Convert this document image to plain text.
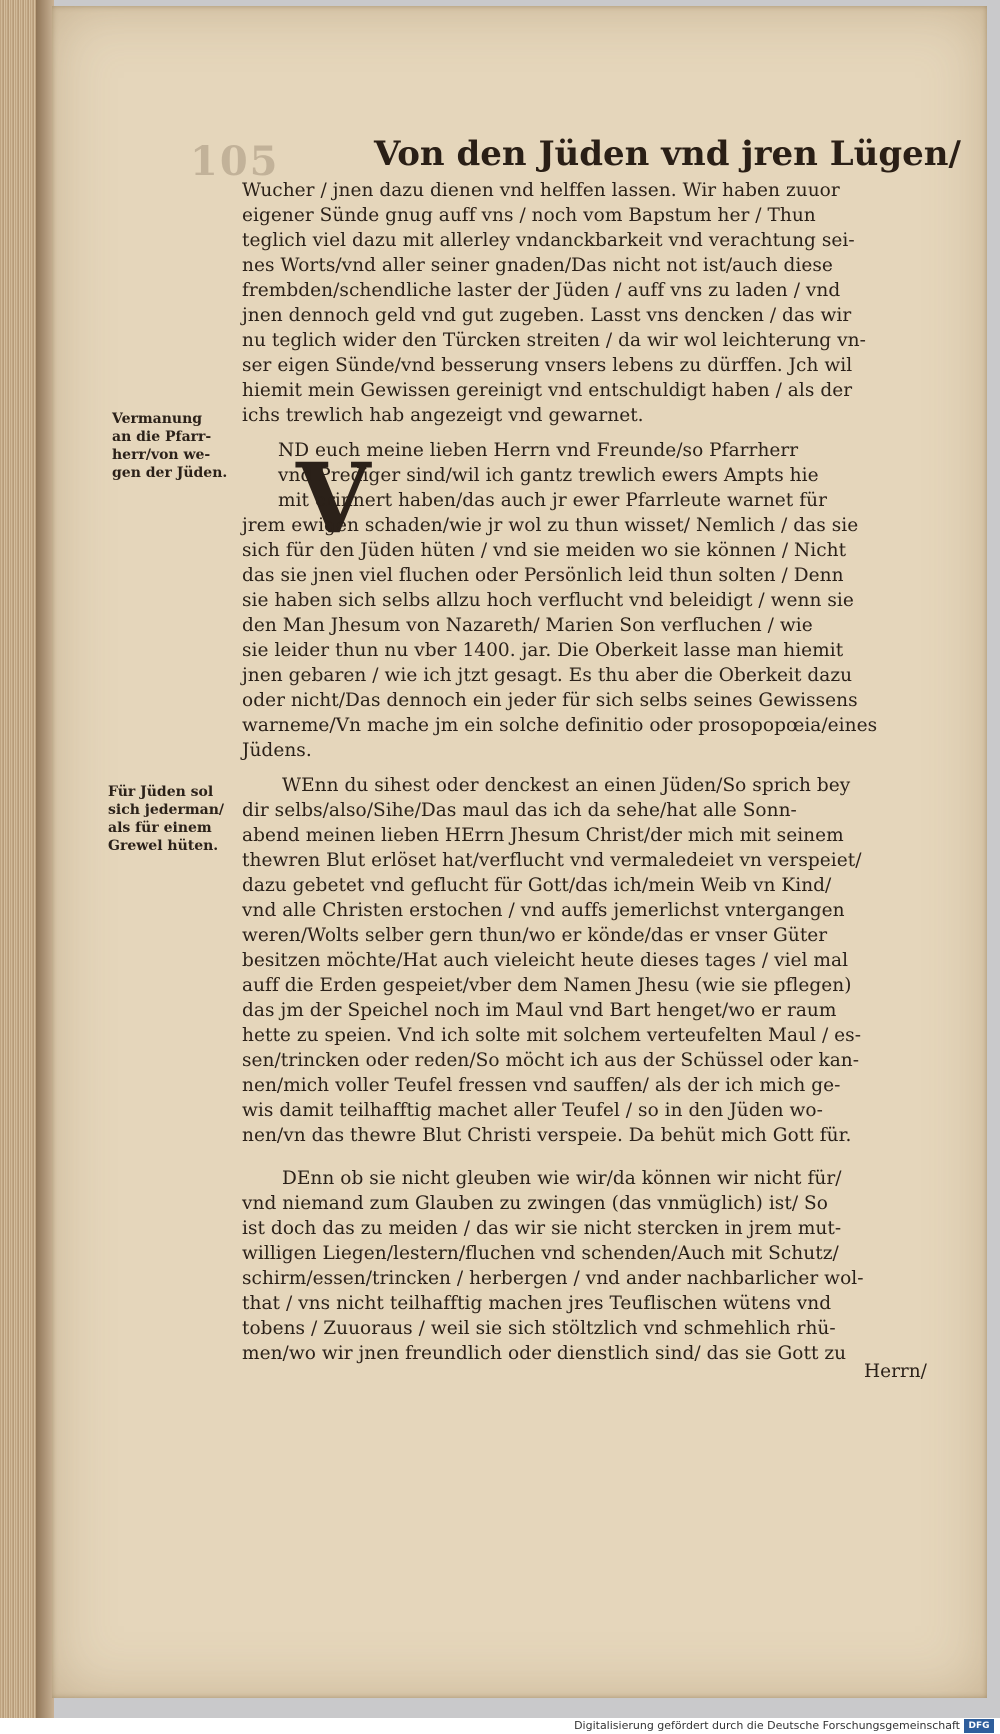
105	Von den Jüden vnd jren Lügen/
V
Vermanung
an die Pfarr-
herr/von we-
gen der Jüden.
Für Jüden sol
sich jederman/
als für einem
Grewel hüten.
Herrn/
Wucher / jnen dazu dienen vnd helffen lassen. Wir haben zuuor
eigener Sünde gnug auff vns / noch vom Bapstum her / Thun
teglich viel dazu mit allerley vndanckbarkeit vnd verachtung sei-
nes Worts/vnd aller seiner gnaden/Das nicht not ist/auch diese
frembden/schendliche laster der Jüden / auff vns zu laden / vnd
jnen dennoch geld vnd gut zugeben. Lasst vns dencken / das wir
nu teglich wider den Türcken streiten / da wir wol leichterung vn-
ser eigen Sünde/vnd besserung vnsers lebens zu dürffen. Jch wil
hiemit mein Gewissen gereinigt vnd entschuldigt haben / als der
ichs trewlich hab angezeigt vnd gewarnet.
ND euch meine lieben Herrn vnd Freunde/so Pfarrherr
vnd Prediger sind/wil ich gantz trewlich ewers Ampts hie
mit erinnert haben/das auch jr ewer Pfarrleute warnet für
jrem ewigen schaden/wie jr wol zu thun wisset/ Nemlich / das sie
sich für den Jüden hüten / vnd sie meiden wo sie können / Nicht
das sie jnen viel fluchen oder Persönlich leid thun solten / Denn
sie haben sich selbs allzu hoch verflucht vnd beleidigt / wenn sie
den Man Jhesum von Nazareth/ Marien Son verfluchen / wie
sie leider thun nu vber 1400. jar. Die Oberkeit lasse man hiemit
jnen gebaren / wie ich jtzt gesagt. Es thu aber die Oberkeit dazu
oder nicht/Das dennoch ein jeder für sich selbs seines Gewissens
warneme/Vn mache jm ein solche definitio oder prosopopœia/eines
Jüdens.
WEnn du sihest oder denckest an einen Jüden/So sprich bey
dir selbs/also/Sihe/Das maul das ich da sehe/hat alle Sonn-
abend meinen lieben HErrn Jhesum Christ/der mich mit seinem
thewren Blut erlöset hat/verflucht vnd vermaledeiet vn verspeiet/
dazu gebetet vnd geflucht für Gott/das ich/mein Weib vn Kind/
vnd alle Christen erstochen / vnd auffs jemerlichst vntergangen
weren/Wolts selber gern thun/wo er könde/das er vnser Güter
besitzen möchte/Hat auch vieleicht heute dieses tages / viel mal
auff die Erden gespeiet/vber dem Namen Jhesu (wie sie pflegen)
das jm der Speichel noch im Maul vnd Bart henget/wo er raum
hette zu speien. Vnd ich solte mit solchem verteufelten Maul / es-
sen/trincken oder reden/So möcht ich aus der Schüssel oder kan-
nen/mich voller Teufel fressen vnd sauffen/ als der ich mich ge-
wis damit teilhafftig machet aller Teufel / so in den Jüden wo-
nen/vn das thewre Blut Christi verspeie. Da behüt mich Gott für.
DEnn ob sie nicht gleuben wie wir/da können wir nicht für/
vnd niemand zum Glauben zu zwingen (das vnmüglich) ist/ So
ist doch das zu meiden / das wir sie nicht stercken in jrem mut-
willigen Liegen/lestern/fluchen vnd schenden/Auch mit Schutz/
schirm/essen/trincken / herbergen / vnd ander nachbarlicher wol-
that / vns nicht teilhafftig machen jres Teuflischen wütens vnd
tobens / Zuuoraus / weil sie sich stöltzlich vnd schmehlich rhü-
men/wo wir jnen freundlich oder dienstlich sind/ das sie Gott zu
Digitalisierung gefördert durch die Deutsche Forschungsgemeinschaft DFG
